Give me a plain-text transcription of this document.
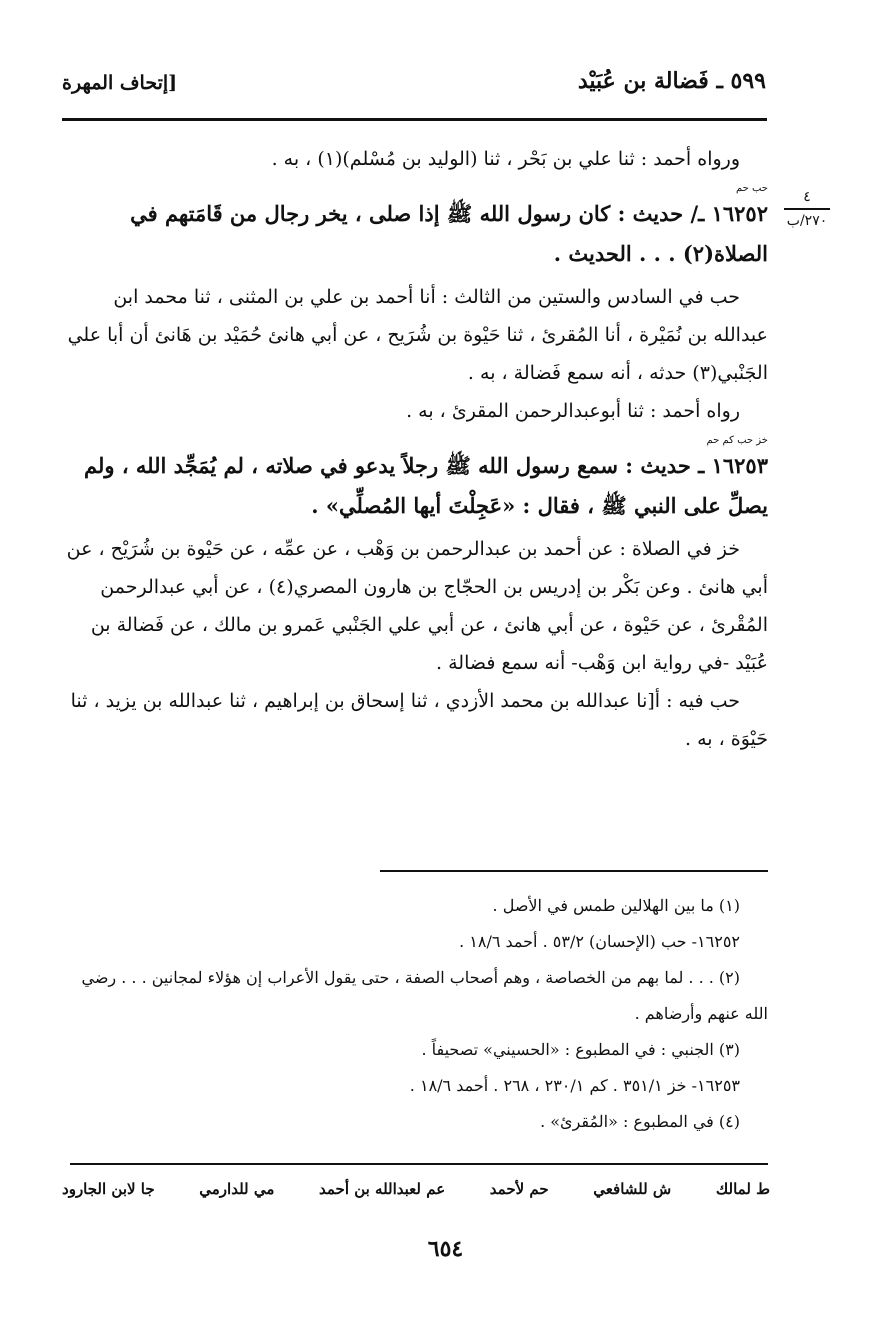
٥٩٩ ـ فَضالة بن عُبَيْد
[إتحاف المهرة
٤
٢٧٠/ب

ورواه أحمد : ثنا علي بن بَحْر ، ثنا (الوليد بن مُسْلم)(١) ، به .

حب حم

١٦٢٥٢ ـ/ حديث : كان رسول الله ﷺ إذا صلى ، يخر رجال من قَامَتهم في الصلاة(٢) . . . الحديث .

حب في السادس والستين من الثالث : أنا أحمد بن علي بن المثنى ، ثنا محمد ابن عبدالله بن نُمَيْرة ، أنا المُقرئ ، ثنا حَيْوة بن شُرَيح ، عن أبي هانئ حُمَيْد بن هَانئ أن أبا علي الجَنْبي(٣) حدثه ، أنه سمع فَضالة ، به .

رواه أحمد : ثنا أبوعبدالرحمن المقرئ ، به .

خز حب كم حم

١٦٢٥٣ ـ حديث : سمع رسول الله ﷺ رجلاً يدعو في صلاته ، لم يُمَجِّد الله ، ولم يصلِّ على النبي ﷺ ، فقال : «عَجِلْتَ أيها المُصلِّي» .

خز في الصلاة : عن أحمد بن عبدالرحمن بن وَهْب ، عن عمِّه ، عن حَيْوة بن شُرَيْح ، عن أبي هانئ . وعن بَكْر بن إدريس بن الحجّاج بن هارون المصري(٤) ، عن أبي عبدالرحمن المُقْرئ ، عن حَيْوة ، عن أبي هانئ ، عن أبي علي الجَنْبي عَمرو بن مالك ، عن فَضالة بن عُبَيْد -في رواية ابن وَهْب- أنه سمع فضالة .

حب فيه : أ[نا عبدالله بن محمد الأزدي ، ثنا إسحاق بن إبراهيم ، ثنا عبدالله بن يزيد ، ثنا حَيْوَة ، به .

(١) ما بين الهلالين طمس في الأصل .

١٦٢٥٢- حب (الإحسان) ٥٣/٢ . أحمد ١٨/٦ .

(٢) . . . لما بهم من الخصاصة ، وهم أصحاب الصفة ، حتى يقول الأعراب إن هؤلاء لمجانين . . . رضي الله عنهم وأرضاهم .

(٣) الجنبي : في المطبوع : «الحسيني» تصحيفاً .

١٦٢٥٣- خز ٣٥١/١ . كم ٢٣٠/١ ، ٢٦٨ . أحمد ١٨/٦ .

(٤) في المطبوع : «المُقرئ» .

ط لمالك
ش للشافعي
حم لأحمد
عم لعبدالله بن أحمد
مي للدارمي
جا لابن الجارود
٦٥٤
